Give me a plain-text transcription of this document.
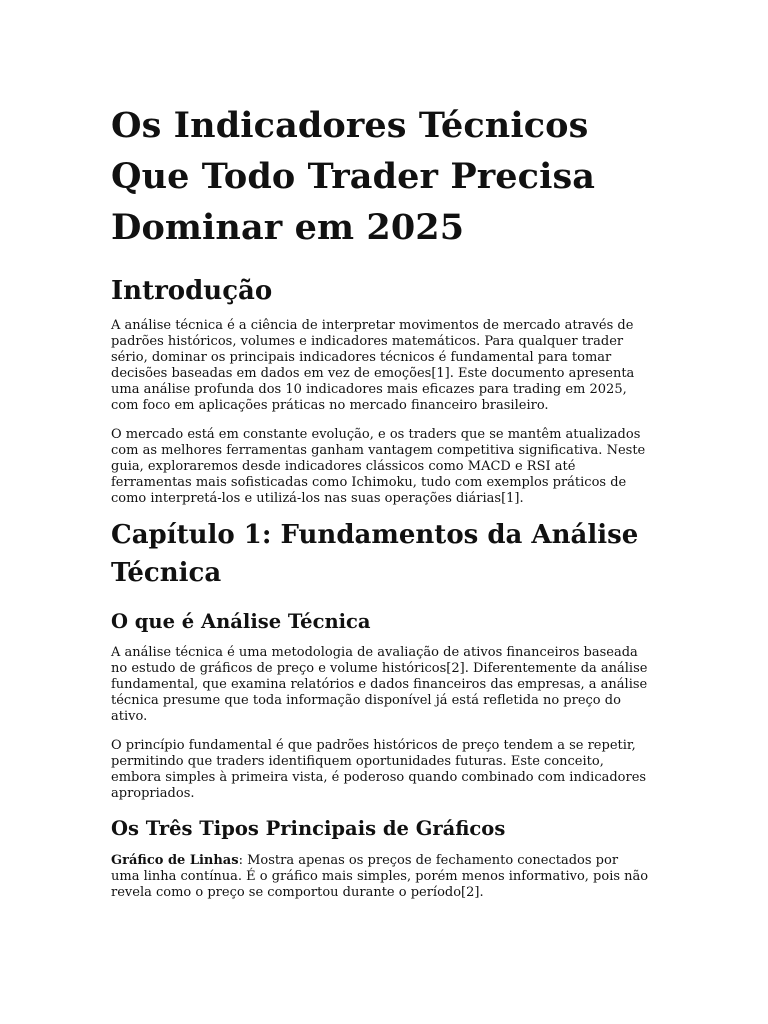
Os Indicadores Técnicos
Que Todo Trader Precisa
Dominar em 2025
Introdução

A análise técnica é a ciência de interpretar movimentos de mercado através de
padrões históricos, volumes e indicadores matemáticos. Para qualquer trader
sério, dominar os principais indicadores técnicos é fundamental para tomar
decisões baseadas em dados em vez de emoções[1]. Este documento apresenta
uma análise profunda dos 10 indicadores mais eficazes para trading em 2025,
com foco em aplicações práticas no mercado financeiro brasileiro.

O mercado está em constante evolução, e os traders que se mantêm atualizados
com as melhores ferramentas ganham vantagem competitiva significativa. Neste
guia, exploraremos desde indicadores clássicos como MACD e RSI até
ferramentas mais sofisticadas como Ichimoku, tudo com exemplos práticos de
como interpretá-los e utilizá-los nas suas operações diárias[1].

Capítulo 1: Fundamentos da Análise
Técnica
O que é Análise Técnica

A análise técnica é uma metodologia de avaliação de ativos financeiros baseada
no estudo de gráficos de preço e volume históricos[2]. Diferentemente da análise
fundamental, que examina relatórios e dados financeiros das empresas, a análise
técnica presume que toda informação disponível já está refletida no preço do
ativo.

O princípio fundamental é que padrões históricos de preço tendem a se repetir,
permitindo que traders identifiquem oportunidades futuras. Este conceito,
embora simples à primeira vista, é poderoso quando combinado com indicadores
apropriados.

Os Três Tipos Principais de Gráficos

Gráfico de Linhas: Mostra apenas os preços de fechamento conectados por
uma linha contínua. É o gráfico mais simples, porém menos informativo, pois não
revela como o preço se comportou durante o período[2].
